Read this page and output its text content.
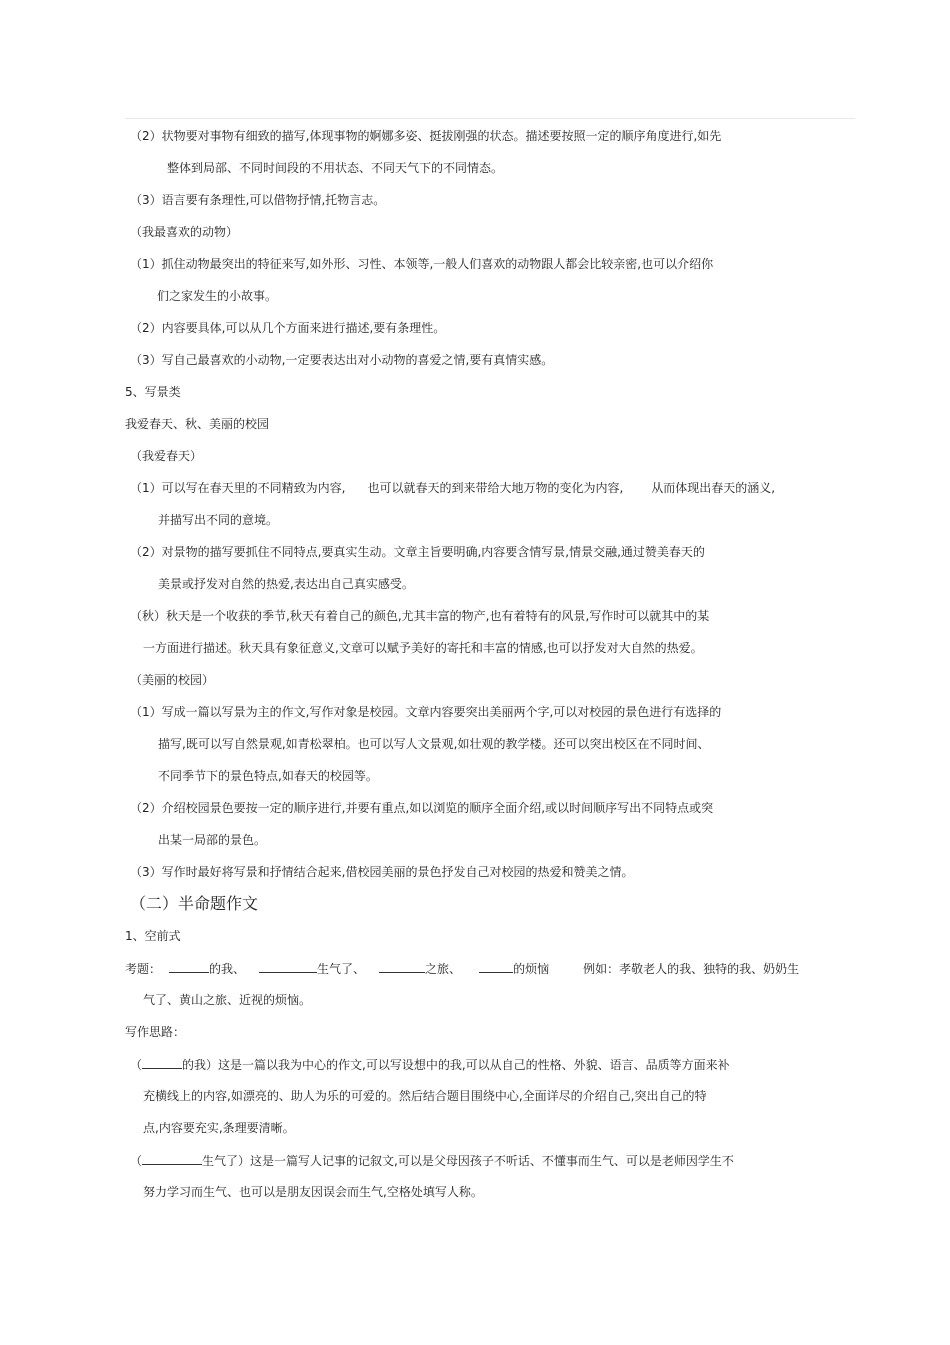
（2）状物要对事物有细致的描写,体现事物的婀娜多姿、挺拔刚强的状态。描述要按照一定的顺序角度进行,如先
整体到局部、不同时间段的不用状态、不同天气下的不同情态。
（3）语言要有条理性,可以借物抒情,托物言志。
（我最喜欢的动物）
（1）抓住动物最突出的特征来写,如外形、习性、本领等,一般人们喜欢的动物跟人都会比较亲密,也可以介绍你
们之家发生的小故事。
（2）内容要具体,可以从几个方面来进行描述,要有条理性。
（3）写自己最喜欢的小动物,一定要表达出对小动物的喜爱之情,要有真情实感。
5、写景类
我爱春天、秋、美丽的校园
（我爱春天）
（1）可以写在春天里的不同精致为内容, 也可以就春天的到来带给大地万物的变化为内容, 从而体现出春天的涵义,
并描写出不同的意境。
（2）对景物的描写要抓住不同特点,要真实生动。文章主旨要明确,内容要含情写景,情景交融,通过赞美春天的
美景或抒发对自然的热爱,表达出自己真实感受。
（秋）秋天是一个收获的季节,秋天有着自己的颜色,尤其丰富的物产,也有着特有的风景,写作时可以就其中的某
一方面进行描述。秋天具有象征意义,文章可以赋予美好的寄托和丰富的情感,也可以抒发对大自然的热爱。
（美丽的校园）
（1）写成一篇以写景为主的作文,写作对象是校园。文章内容要突出美丽两个字,可以对校园的景色进行有选择的
描写,既可以写自然景观,如青松翠柏。也可以写人文景观,如壮观的教学楼。还可以突出校区在不同时间、
不同季节下的景色特点,如春天的校园等。
（2）介绍校园景色要按一定的顺序进行,并要有重点,如以浏览的顺序全面介绍,或以时间顺序写出不同特点或突
出某一局部的景色。
（3）写作时最好将写景和抒情结合起来,借校园美丽的景色抒发自己对校园的热爱和赞美之情。
（二）半命题作文
1、空前式
考题：	的我、	生气了、	之旅、	的烦恼	例如：孝敬老人的我、独特的我、奶奶生
气了、黄山之旅、近视的烦恼。
写作思路：
（	的我）这是一篇以我为中心的作文,可以写设想中的我,可以从自己的性格、外貌、语言、品质等方面来补
充横线上的内容,如漂亮的、助人为乐的可爱的。然后结合题目围绕中心,全面详尽的介绍自己,突出自己的特
点,内容要充实,条理要清晰。
（	生气了）这是一篇写人记事的记叙文,可以是父母因孩子不听话、不懂事而生气、可以是老师因学生不
努力学习而生气、也可以是朋友因误会而生气,空格处填写人称。
